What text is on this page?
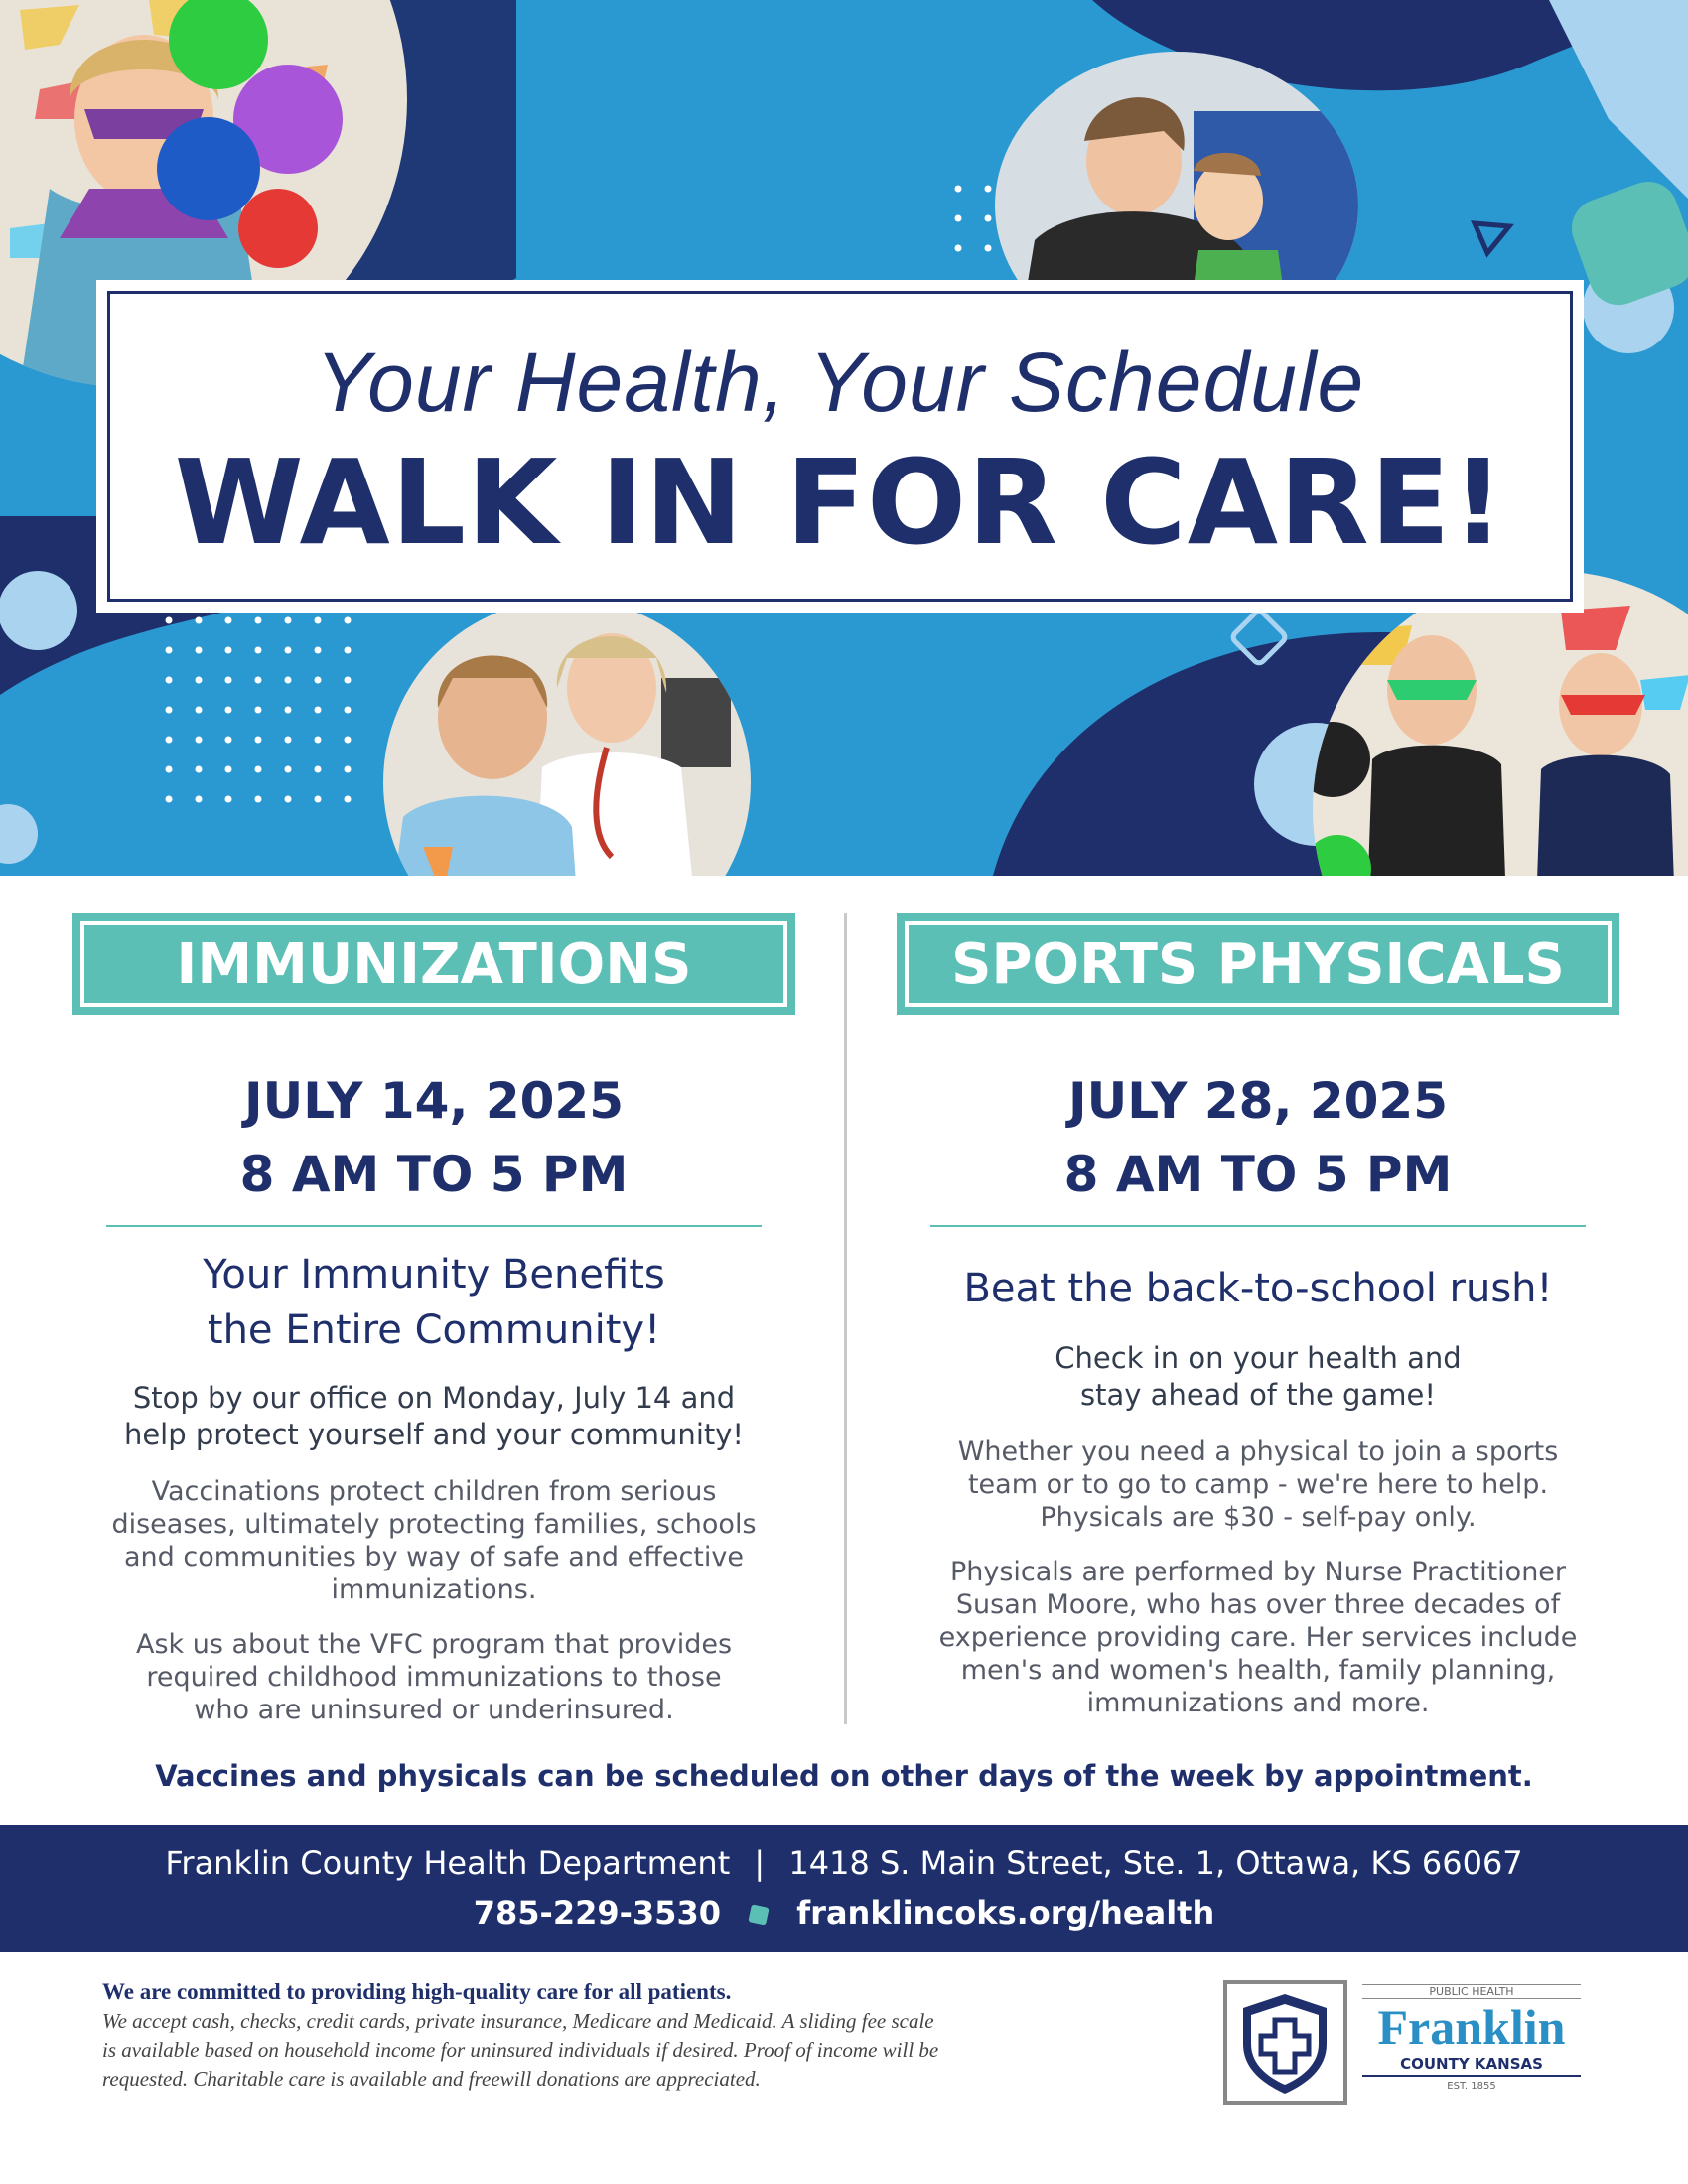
Your Health, Your Schedule
WALK IN FOR CARE!
IMMUNIZATIONS
JULY 14, 2025
8 AM TO 5 PM
Your Immunity Benefits
the Entire Community!
Stop by our office on Monday, July 14 and
help protect yourself and your community!
Vaccinations protect children from serious
diseases, ultimately protecting families, schools
and communities by way of safe and effective
immunizations.
Ask us about the VFC program that provides
required childhood immunizations to those
who are uninsured or underinsured.
SPORTS PHYSICALS
JULY 28, 2025
8 AM TO 5 PM
Beat the back-to-school rush!
Check in on your health and
stay ahead of the game!
Whether you need a physical to join a sports
team or to go to camp - we're here to help.
Physicals are $30 - self-pay only.
Physicals are performed by Nurse Practitioner
Susan Moore, who has over three decades of
experience providing care. Her services include
men's and women's health, family planning,
immunizations and more.
Vaccines and physicals can be scheduled on other days of the week by appointment.
Franklin County Health Department | 1418 S. Main Street, Ste. 1, Ottawa, KS 66067
785-229-3530 franklincoks.org/health
We are committed to providing high-quality care for all patients.
We accept cash, checks, credit cards, private insurance, Medicare and Medicaid. A sliding fee scale
is available based on household income for uninsured individuals if desired. Proof of income will be
requested. Charitable care is available and freewill donations are appreciated.
PUBLIC HEALTH
Franklin
COUNTY KANSAS
EST. 1855
